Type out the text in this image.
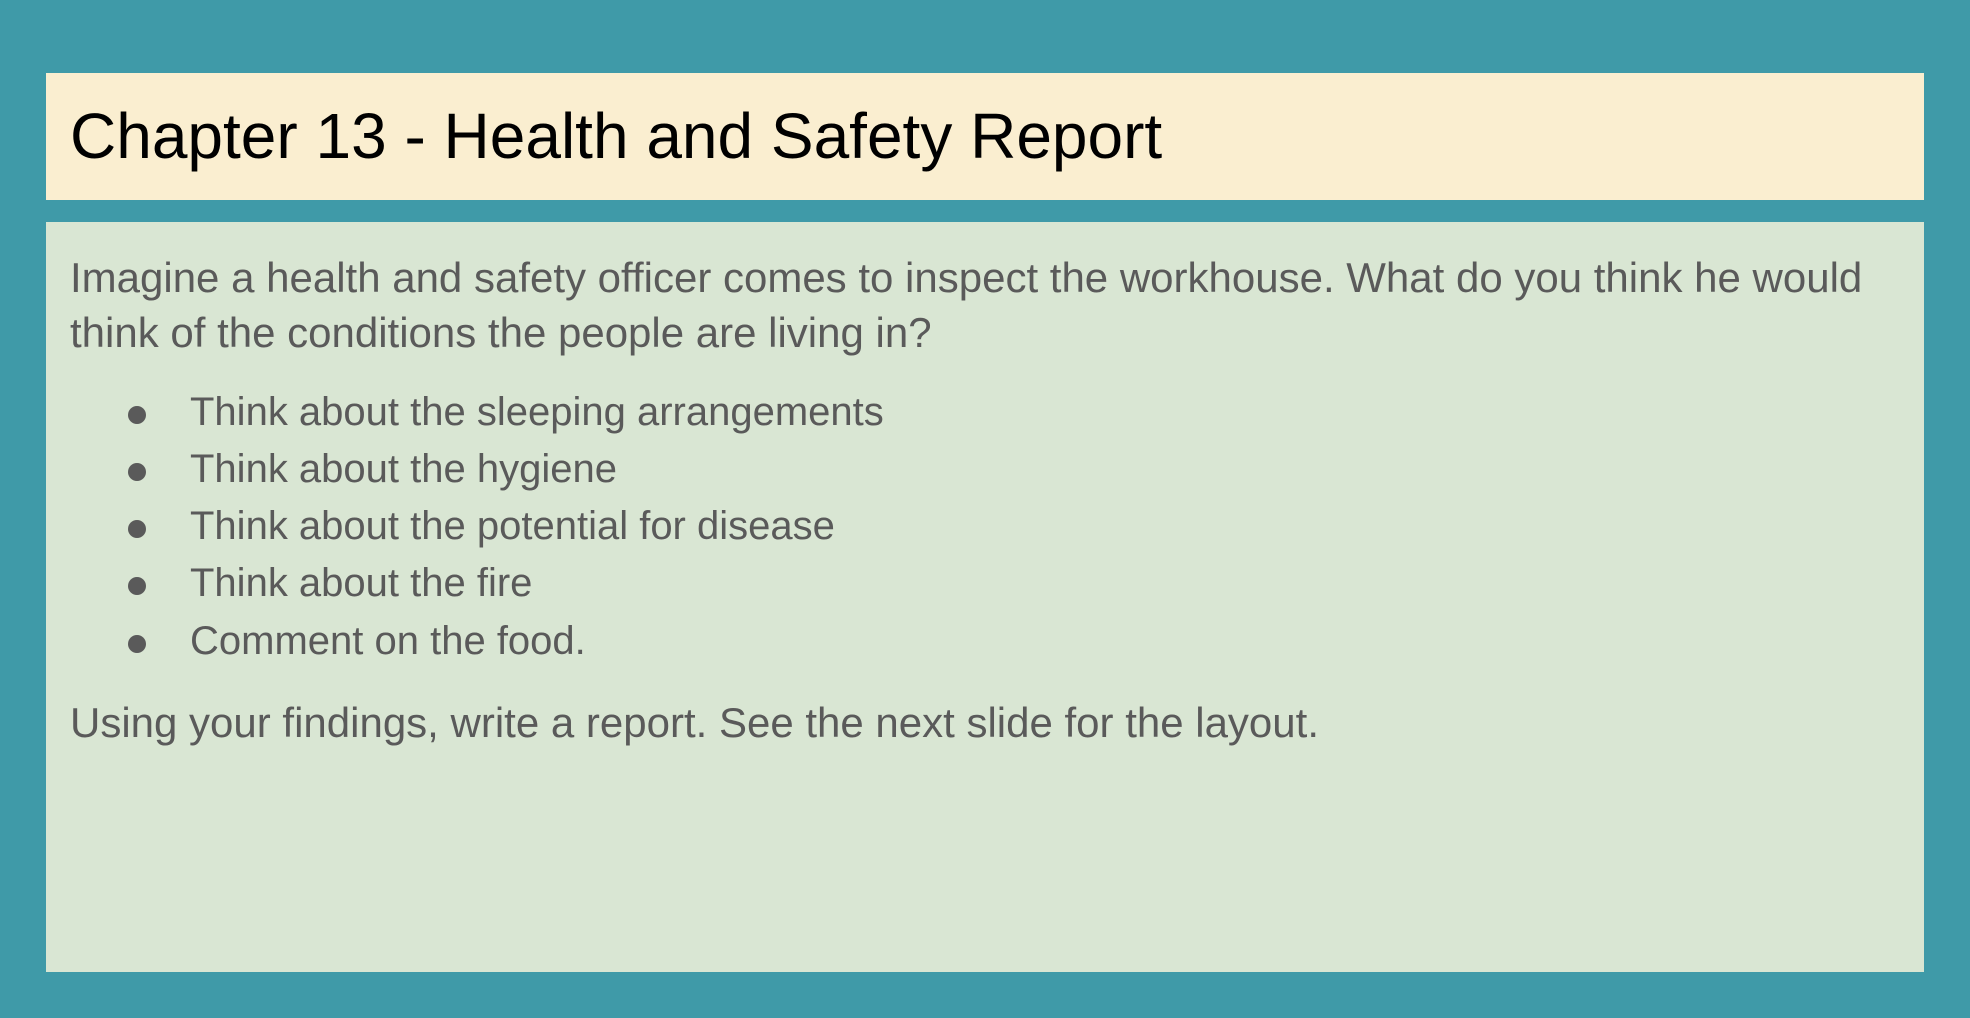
Chapter 13 - Health and Safety Report

Imagine a health and safety officer comes to inspect the workhouse. What do you think he would think of the conditions the people are living in?

Think about the sleeping arrangements
Think about the hygiene
Think about the potential for disease
Think about the fire
Comment on the food.

Using your findings, write a report. See the next slide for the layout.
